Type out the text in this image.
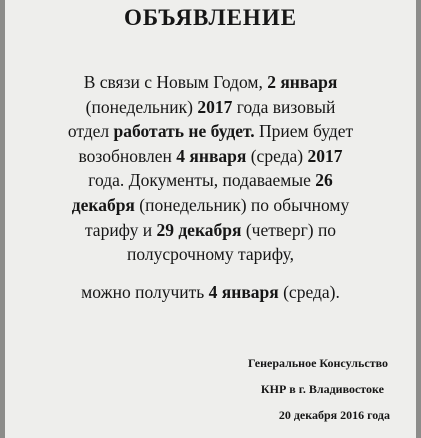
ОБЪЯВЛЕНИЕ
В связи с Новым Годом, 2 января
(понедельник) 2017 года визовый
отдел работать не будет. Прием будет
возобновлен 4 января (среда) 2017
года. Документы, подаваемые 26
декабря (понедельник) по обычному
тарифу и 29 декабря (четверг) по
полусрочному тарифу,
можно получить 4 января (среда).
Генеральное Консульство
КНР в г. Владивостоке
20 декабря 2016 года
